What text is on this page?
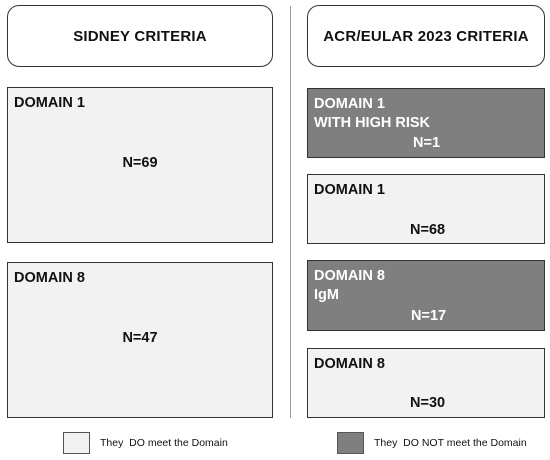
SIDNEY CRITERIA	ACR/EULAR 2023 CRITERIA
DOMAIN 1
N=69
DOMAIN 8
N=47
DOMAIN 1
WITH HIGH RISK
N=1
DOMAIN 1
N=68
DOMAIN 8
IgM
N=17
DOMAIN 8
N=30
They  DO meet the Domain	They  DO NOT meet the Domain
